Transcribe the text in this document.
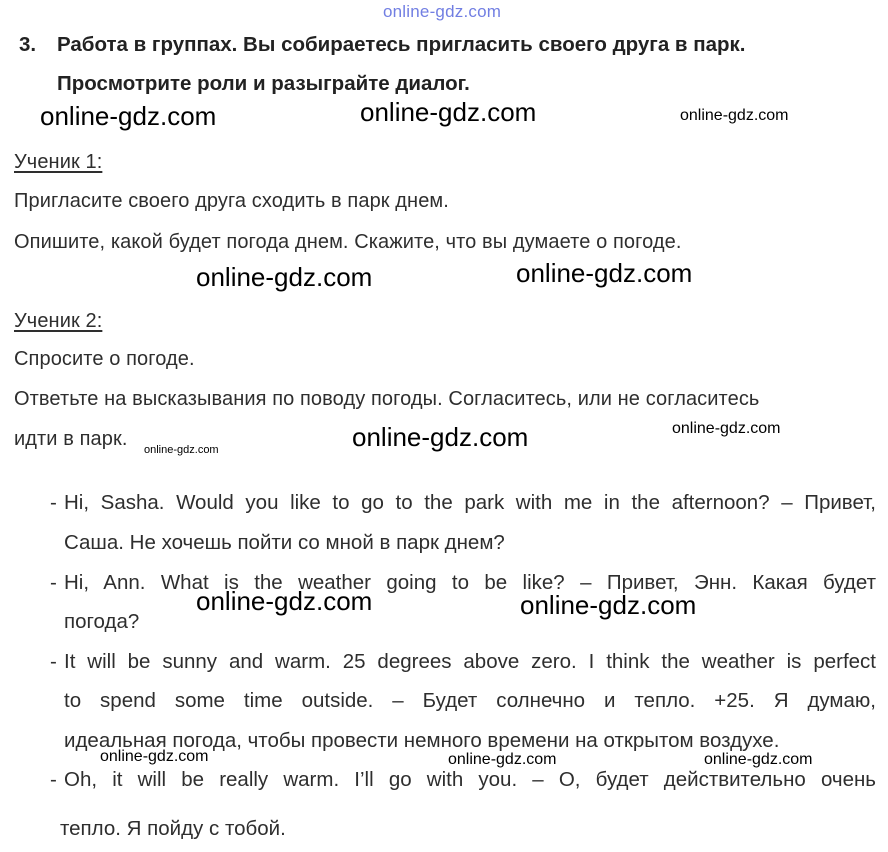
online-gdz.com
3. Работа в группах. Вы собираетесь пригласить своего друга в парк.
Просмотрите роли и разыграйте диалог.
online-gdz.com	online-gdz.com	online-gdz.com
Ученик 1:
Пригласите своего друга сходить в парк днем.
Опишите, какой будет погода днем. Скажите, что вы думаете о погоде.
online-gdz.com	online-gdz.com
Ученик 2:
Спросите о погоде.
Ответьте на высказывания по поводу погоды. Согласитесь, или не согласитесь
идти в парк. online-gdz.com	online-gdz.com	online-gdz.com
- Hi, Sasha. Would you like to go to the park with me in the afternoon? – Привет,
Саша. Не хочешь пойти со мной в парк днем?
- Hi, Ann. What is the weather going to be like? – Привет, Энн. Какая будет
погода?
online-gdz.com	online-gdz.com
- It will be sunny and warm. 25 degrees above zero. I think the weather is perfect
to spend some time outside. – Будет солнечно и тепло. +25. Я думаю,
идеальная погода, чтобы провести немного времени на открытом воздухе.
online-gdz.com	online-gdz.com	online-gdz.com
- Oh, it will be really warm. I’ll go with you. – О, будет действительно очень
тепло. Я пойду с тобой.
